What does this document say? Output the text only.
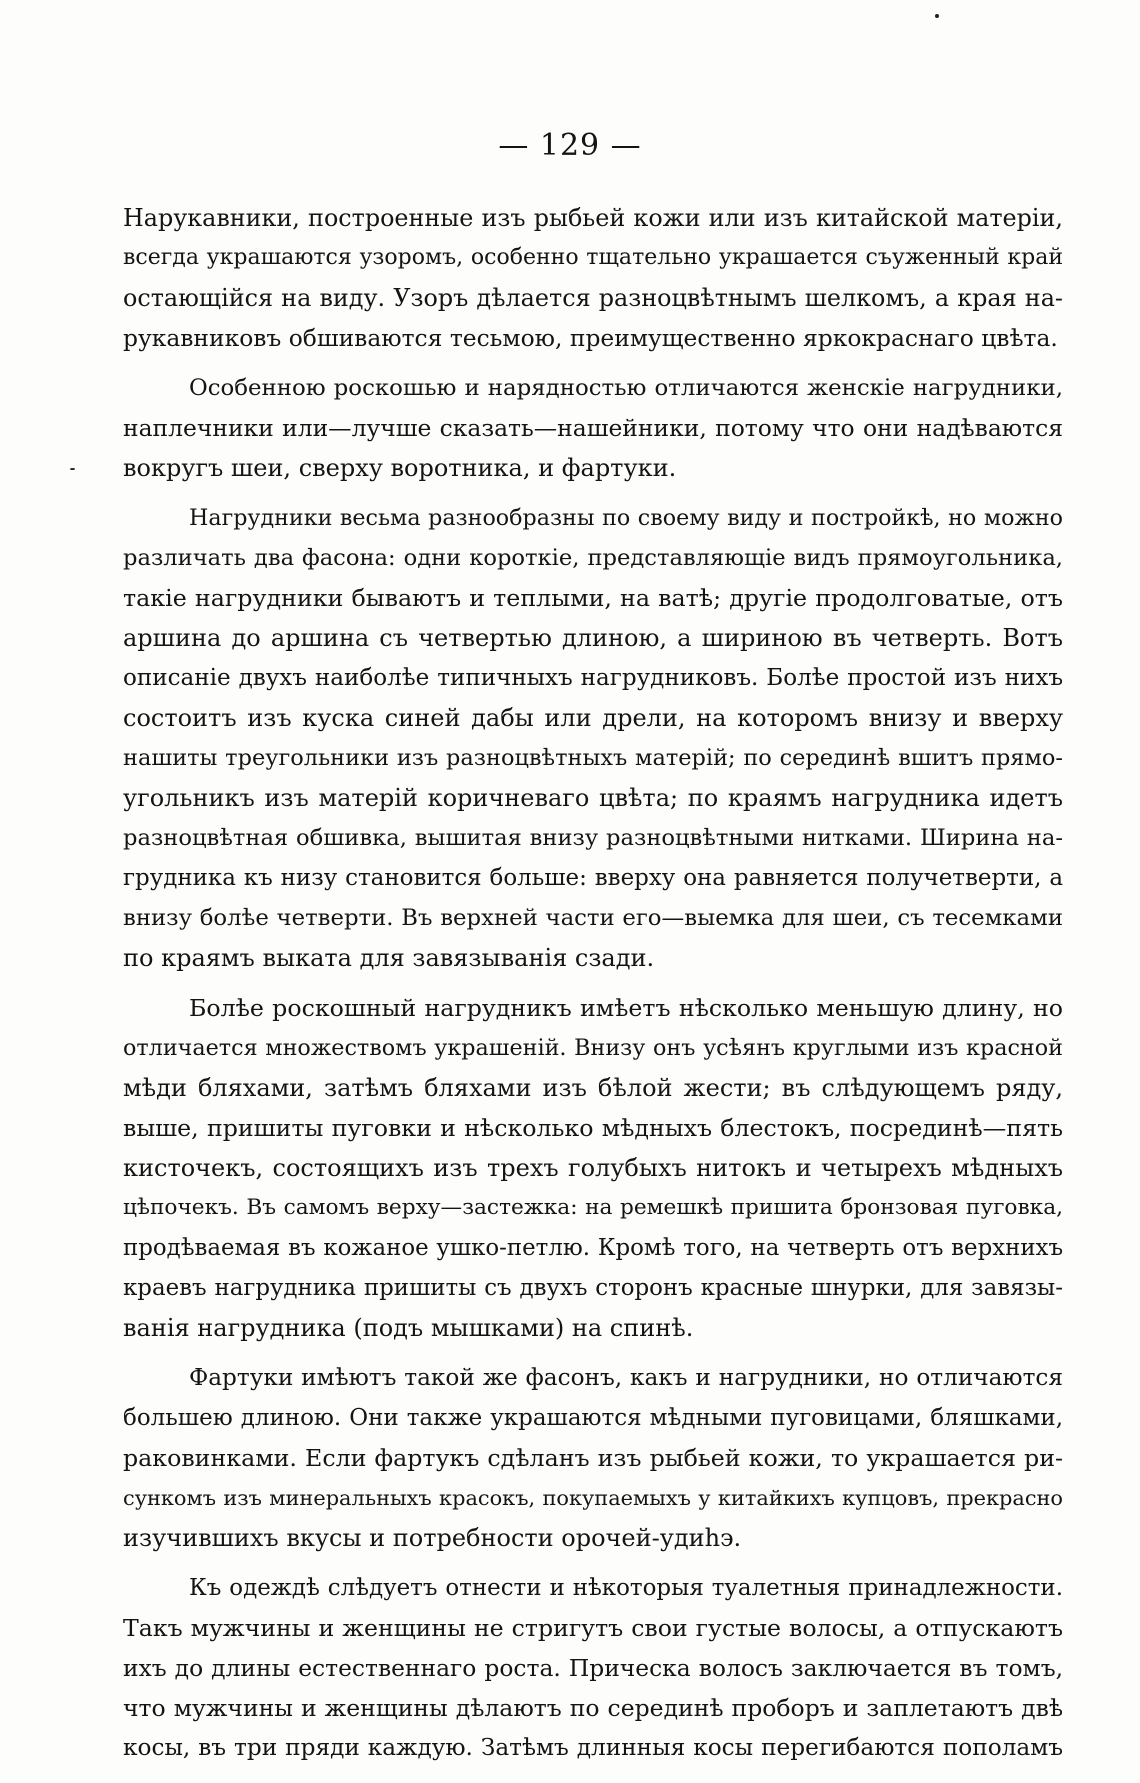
— 129 —
Нарукавники, построенные изъ рыбьей кожи или изъ китайской матеріи,
всегда украшаются узоромъ, особенно тщательно украшается съуженный край
остающійся на виду. Узоръ дѣлается разноцвѣтнымъ шелкомъ, а края на-
рукавниковъ обшиваются тесьмою, преимущественно яркокраснаго цвѣта.
Особенною роскошью и нарядностью отличаются женскіе нагрудники,
наплечники или—лучше сказать—нашейники, потому что они надѣваются
вокругъ шеи, сверху воротника, и фартуки.
Нагрудники весьма разнообразны по своему виду и постройкѣ, но можно
различать два фасона: одни короткіе, представляющіе видъ прямоугольника,
такіе нагрудники бываютъ и теплыми, на ватѣ; другіе продолговатые, отъ
аршина до аршина съ четвертью длиною, а шириною въ четверть. Вотъ
описаніе двухъ наиболѣе типичныхъ нагрудниковъ. Болѣе простой изъ нихъ
состоитъ изъ куска синей дабы или дрели, на которомъ внизу и вверху
нашиты треугольники изъ разноцвѣтныхъ матерій; по серединѣ вшитъ прямо-
угольникъ изъ матерій коричневаго цвѣта; по краямъ нагрудника идетъ
разноцвѣтная обшивка, вышитая внизу разноцвѣтными нитками. Ширина на-
грудника къ низу становится больше: вверху она равняется получетверти, а
внизу болѣе четверти. Въ верхней части его—выемка для шеи, съ тесемками
по краямъ выката для завязыванія сзади.
Болѣе роскошный нагрудникъ имѣетъ нѣсколько меньшую длину, но
отличается множествомъ украшеній. Внизу онъ усѣянъ круглыми изъ красной
мѣди бляхами, затѣмъ бляхами изъ бѣлой жести; въ слѣдующемъ ряду,
выше, пришиты пуговки и нѣсколько мѣдныхъ блестокъ, посрединѣ—пять
кисточекъ, состоящихъ изъ трехъ голубыхъ нитокъ и четырехъ мѣдныхъ
цѣпочекъ. Въ самомъ верху—застежка: на ремешкѣ пришита бронзовая пуговка,
продѣваемая въ кожаное ушко-петлю. Кромѣ того, на четверть отъ верхнихъ
краевъ нагрудника пришиты съ двухъ сторонъ красные шнурки, для завязы-
ванія нагрудника (подъ мышками) на спинѣ.
Фартуки имѣютъ такой же фасонъ, какъ и нагрудники, но отличаются
большею длиною. Они также украшаются мѣдными пуговицами, бляшками,
раковинками. Если фартукъ сдѣланъ изъ рыбьей кожи, то украшается ри-
сункомъ изъ минеральныхъ красокъ, покупаемыхъ у китайкихъ купцовъ, прекрасно
изучившихъ вкусы и потребности орочей-удиһэ.
Къ одеждѣ слѣдуетъ отнести и нѣкоторыя туалетныя принадлежности.
Такъ мужчины и женщины не стригутъ свои густые волосы, а отпускаютъ
ихъ до длины естественнаго роста. Прическа волосъ заключается въ томъ,
что мужчины и женщины дѣлаютъ по серединѣ проборъ и заплетаютъ двѣ
косы, въ три пряди каждую. Затѣмъ длинныя косы перегибаются пополамъ
